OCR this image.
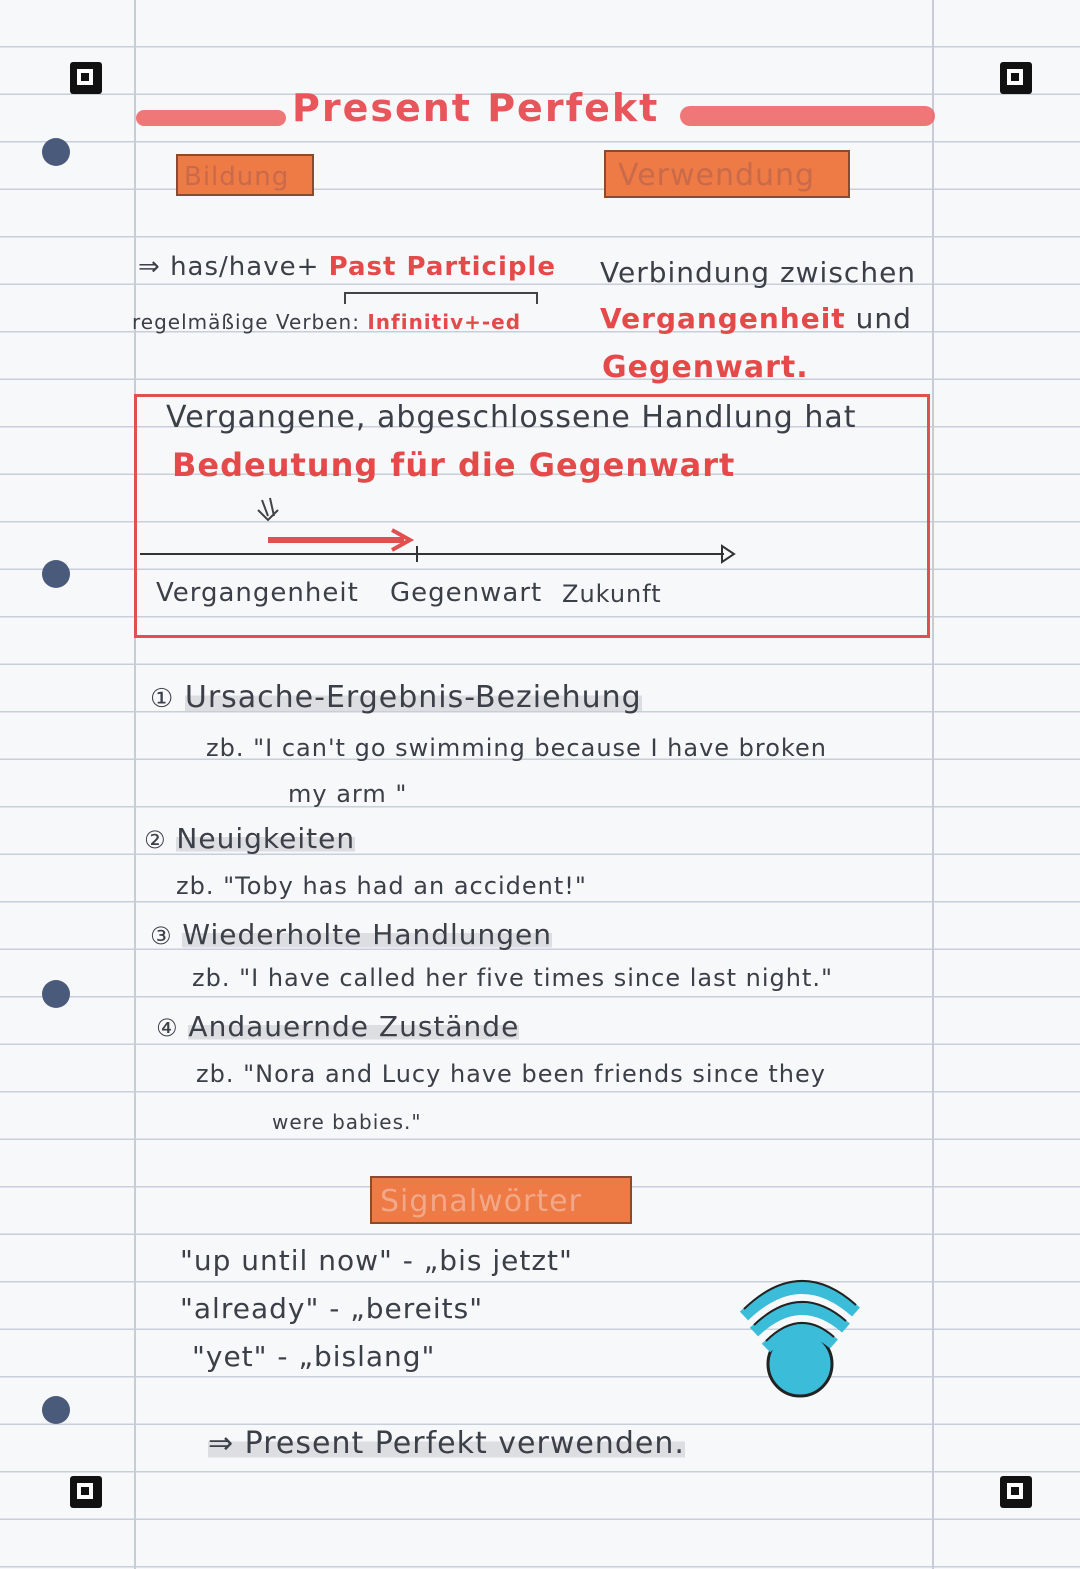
Present Perfekt
Bildung	Verwendung
⇒ has/have+ Past Participle
regelmäßige Verben: Infinitiv+-ed
Verbindung zwischen
Vergangenheit und
Gegenwart.
Vergangene, abgeschlossene Handlung hat
Bedeutung für die Gegenwart
Vergangenheit Gegenwart Zukunft
① Ursache-Ergebnis-Beziehung
zb. "I can't go swimming because I have broken
my arm "
② Neuigkeiten
zb. "Toby has had an accident!"
③ Wiederholte Handlungen
zb. "I have called her five times since last night."
④ Andauernde Zustände
zb. "Nora and Lucy have been friends since they
were babies."
Signalwörter
"up until now" - „bis jetzt"
"already" - „bereits"
"yet" - „bislang"
⇒ Present Perfekt verwenden.
